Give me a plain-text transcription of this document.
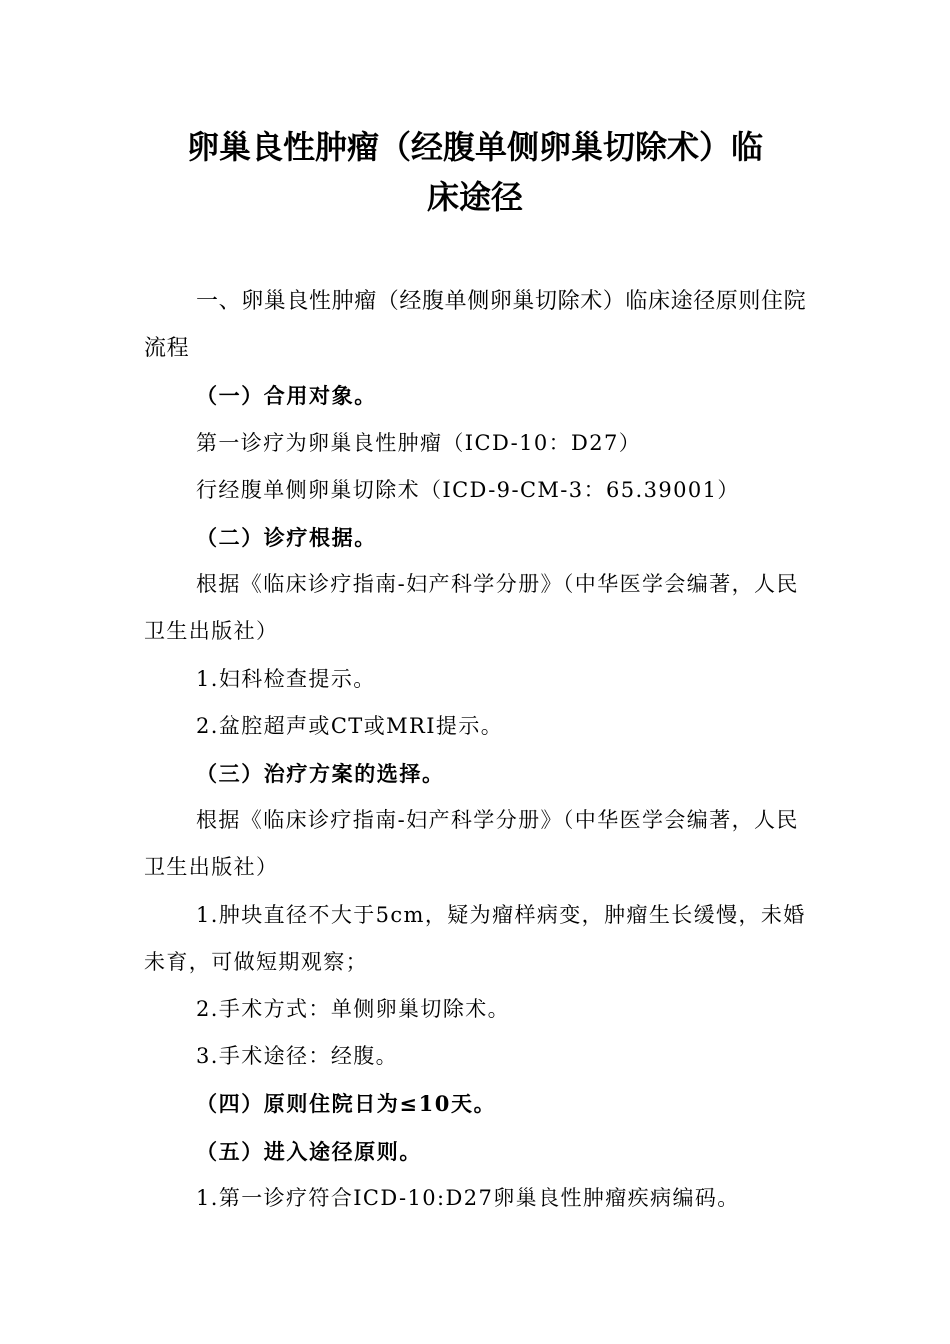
卵巢良性肿瘤（经腹单侧卵巢切除术）临
床途径

一、卵巢良性肿瘤（经腹单侧卵巢切除术）临床途径原则住院流程

（一）合用对象。

第一诊疗为卵巢良性肿瘤（ICD-10：D27）

行经腹单侧卵巢切除术（ICD-9-CM-3：65.39001）

（二）诊疗根据。

根据《临床诊疗指南-妇产科学分册》（中华医学会编著，人民卫生出版社）

1.妇科检查提示。

2.盆腔超声或CT或MRI提示。

（三）治疗方案的选择。

根据《临床诊疗指南-妇产科学分册》（中华医学会编著，人民卫生出版社）

1.肿块直径不大于5cm，疑为瘤样病变，肿瘤生长缓慢，未婚未育，可做短期观察；

2.手术方式：单侧卵巢切除术。

3.手术途径：经腹。

（四）原则住院日为≤10天。

（五）进入途径原则。

1.第一诊疗符合ICD-10:D27卵巢良性肿瘤疾病编码。
